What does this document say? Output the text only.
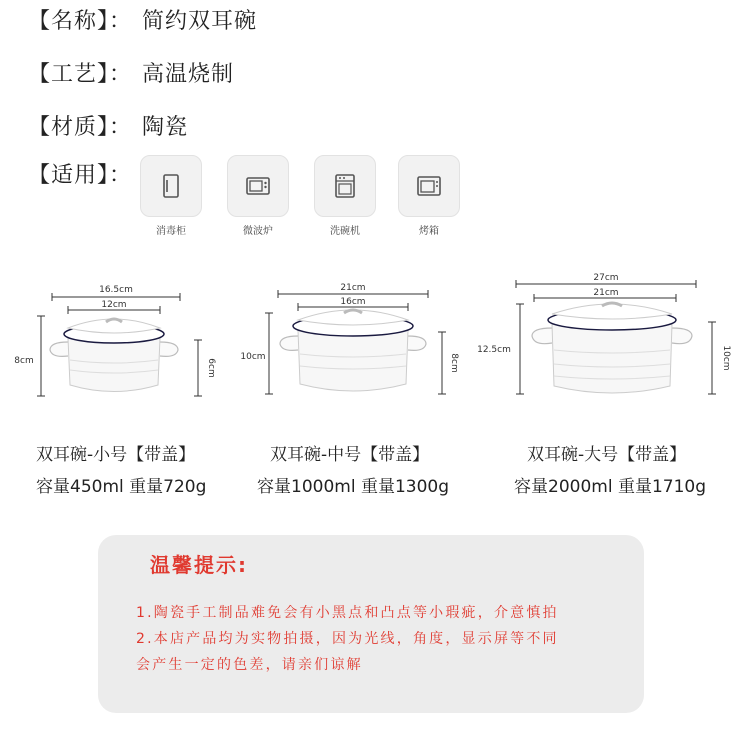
【名称】： 简约双耳碗
【工艺】： 高温烧制
【材质】： 陶瓷
【适用】：
消毒柜	微波炉	洗碗机	烤箱
16.5cm
12cm
8cm	6cm
21cm
16cm
10cm	8cm
27cm
21cm
12.5cm	10cm
双耳碗-小号【带盖】
容量450ml 重量720g
双耳碗-中号【带盖】
容量1000ml 重量1300g
双耳碗-大号【带盖】
容量2000ml 重量1710g
温馨提示:
1.陶瓷手工制品难免会有小黑点和凸点等小瑕疵，介意慎拍
2.本店产品均为实物拍摄，因为光线，角度，显示屏等不同
会产生一定的色差，请亲们谅解
